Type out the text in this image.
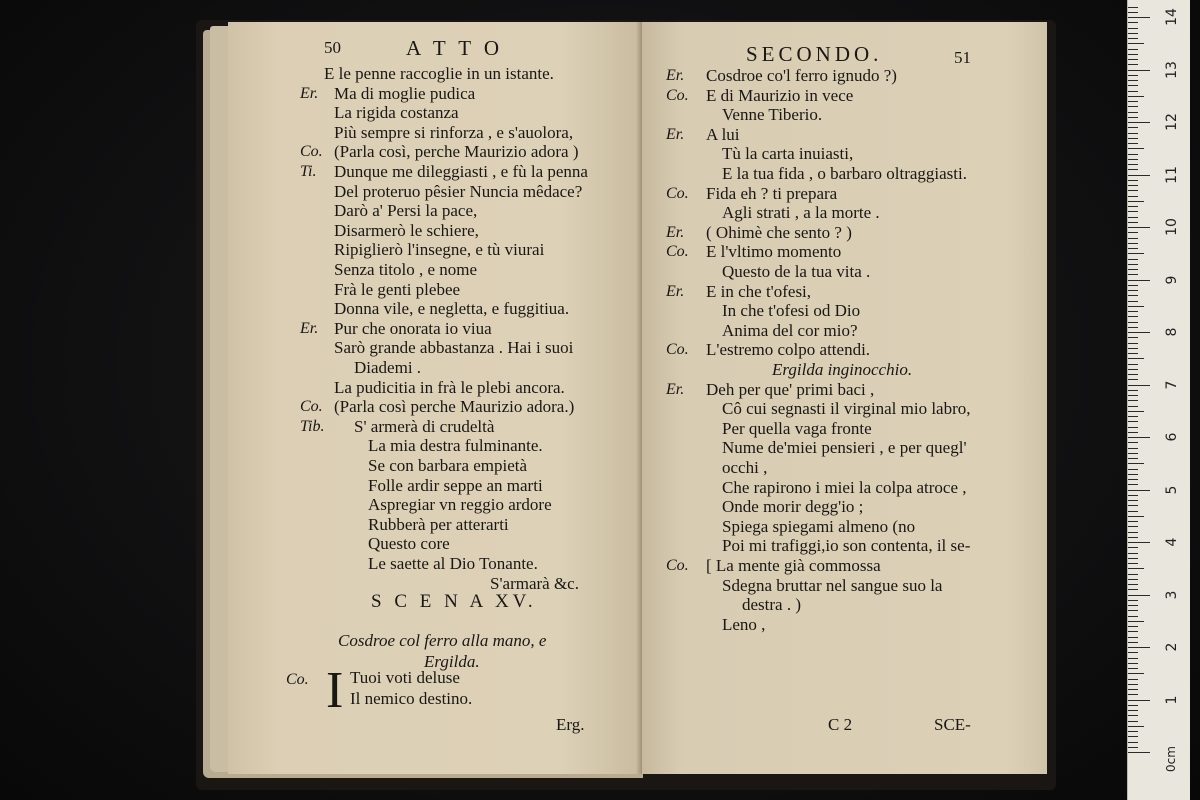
50	A T T O
E le penne raccoglie in un istante.
Er. Ma di moglie pudica
La rigida costanza
Più sempre si rinforza , e s'auolora,
Co. (Parla così, perche Maurizio adora )
Ti. Dunque me dileggiasti , e fù la penna
Del proteruo pêsier Nuncia mêdace?
Darò a' Persi la pace,
Disarmerò le schiere,
Ripiglierò l'insegne, e tù viurai
Senza titolo , e nome
Frà le genti plebee
Donna vile, e negletta, e fuggitiua.
Er. Pur che onorata io viua
Sarò grande abbastanza . Hai i suoi
Diademi .
La pudicitia in frà le plebi ancora.
Co. (Parla così perche Maurizio adora.)
Tib. S' armerà di crudeltà
La mia destra fulminante.
Se con barbara empietà
Folle ardir seppe an marti
Aspregiar vn reggio ardore
Rubberà per atterarti
Questo core
Le saette al Dio Tonante.
S'armarà &c.
S C E N A XV.
Cosdroe col ferro alla mano, e
Ergilda.
Co. I Tuoi voti deluse
Il nemico destino.
Erg.
SECONDO.	51
Er. Cosdroe co'l ferro ignudo ?)
Co. E di Maurizio in vece
Venne Tiberio.
Er. A lui
Tù la carta inuiasti,
E la tua fida , o barbaro oltraggiasti.
Co. Fida eh ? ti prepara
Agli strati , a la morte .
Er. ( Ohimè che sento ? )
Co. E l'vltimo momento
Questo de la tua vita .
Er. E in che t'ofesi,
In che t'ofesi od Dio
Anima del cor mio?
Co. L'estremo colpo attendi.
Ergilda inginocchio.
Er. Deh per que' primi baci ,
Cô cui segnasti il virginal mio labro,
Per quella vaga fronte
Nume de'miei pensieri , e per quegl'
occhi ,
Che rapirono i miei la colpa atroce ,
Onde morir degg'io ;
Spiega spiegami almeno (no
Poi mi trafiggi,io son contenta, il se-
Co. [ La mente già commossa
Sdegna bruttar nel sangue suo la
destra . )
Leno ,
C 2	SCE-
1
2
3
4
5
6
7
8
9
10
11
12
13
14
0cm
